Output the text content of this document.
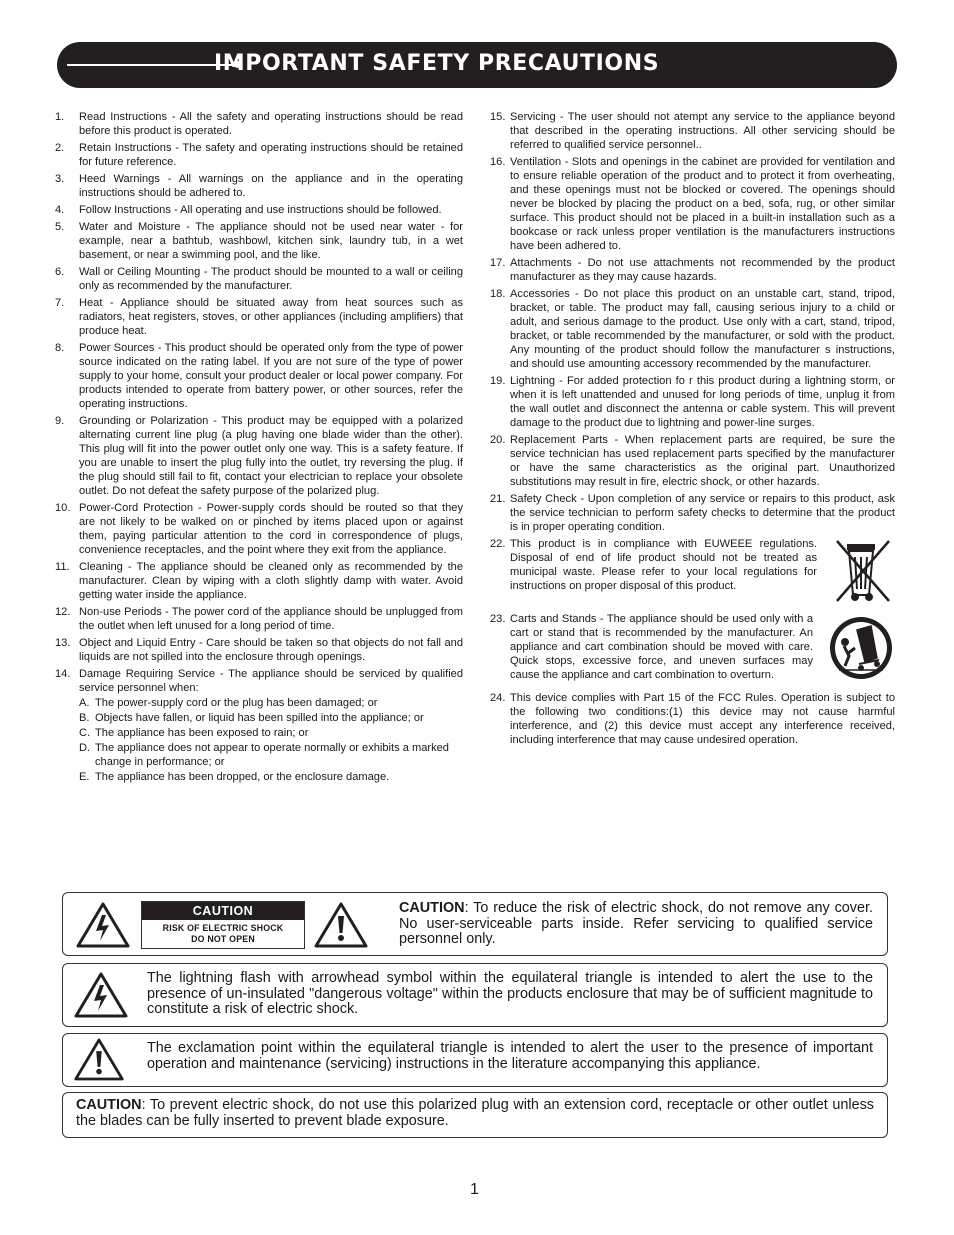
IMPORTANT SAFETY PRECAUTIONS
1.	Read Instructions - All the safety and operating instructions should be read before this product is operated.
2.	Retain Instructions - The safety and operating instructions should be retained for future reference.
3.	Heed Warnings - All warnings on the appliance and in the operating instructions should be adhered to.
4.	Follow Instructions - All operating and use instructions should be followed.
5.	Water and Moisture - The appliance should not be used near water - for example, near a bathtub, washbowl, kitchen sink, laundry tub, in a wet basement, or near a swimming pool, and the like.
6.	Wall or Ceiling Mounting - The product should be mounted to a wall or ceiling only as recommended by the manufacturer.
7.	Heat - Appliance should be situated away from heat sources such as radiators, heat registers, stoves, or other appliances (including amplifiers) that produce heat.
8.	Power Sources - This product should be operated only from the type of power source indicated on the rating label. If you are not sure of the type of power supply to your home, consult your product dealer or local power company. For products intended to operate from battery power, or other sources, refer the operating instructions.
9.	Grounding or Polarization - This product may be equipped with a polarized alternating current line plug (a plug having one blade wider than the other). This plug will fit into the power outlet only one way. This is a safety feature. If you are unable to insert the plug fully into the outlet, try reversing the plug. If the plug should still fail to fit, contact your electrician to replace your obsolete outlet. Do not defeat the safety purpose of the polarized plug.
10. Power-Cord Protection - Power-supply cords should be routed so that they are not likely to be walked on or pinched by items placed upon or against them, paying particular attention to the cord in correspondence of plugs, convenience receptacles, and the point where they exit from the appliance.
11. Cleaning - The appliance should be cleaned only as recommended by the manufacturer. Clean by wiping with a cloth slightly damp with water. Avoid getting water inside the appliance.
12. Non-use Periods - The power cord of the appliance should be unplugged from the outlet when left unused for a long period of time.
13. Object and Liquid Entry - Care should be taken so that objects do not fall and liquids are not spilled into the enclosure through openings.
14. Damage Requiring Service - The appliance should be serviced by qualified service personnel when:
A. The power-supply cord or the plug has been damaged; or
B. Objects have fallen, or liquid has been spilled into the appliance; or
C. The appliance has been exposed to rain; or
D. The appliance does not appear to operate normally or exhibits a marked change in performance; or
E. The appliance has been dropped, or the enclosure damage.
15. Servicing - The user should not atempt any service to the appliance beyond that described in the operating instructions. All other servicing should be referred to qualified service personnel..
16. Ventilation - Slots and openings in the cabinet are provided for ventilation and to ensure reliable operation of the product and to protect it from overheating, and these openings must not be blocked or covered. The openings should never be blocked by placing the product on a bed, sofa, rug, or other similar surface. This product should not be placed in a built-in installation such as a bookcase or rack unless proper ventilation is the manufacturers instructions have been adhered to.
17. Attachments - Do not use attachments not recommended by the product manufacturer as they may cause hazards.
18. Accessories - Do not place this product on an unstable cart, stand, tripod, bracket, or table. The product may fall, causing serious injury to a child or adult, and serious damage to the product. Use only with a cart, stand, tripod, bracket, or table recommended by the manufacturer, or sold with the product. Any mounting of the product should follow the manufacturer s instructions, and should use amounting accessory recommended by the manufacturer.
19. Lightning - For added protection fo r this product during a lightning storm, or when it is left unattended and unused for long periods of time, unplug it from the wall outlet and disconnect the antenna or cable system. This will prevent damage to the product due to lightning and power-line surges.
20. Replacement Parts - When replacement parts are required, be sure the service technician has used replacement parts specified by the manufacturer or have the same characteristics as the original part. Unauthorized substitutions may result in fire, electric shock, or other hazards.
21. Safety Check - Upon completion of any service or repairs to this product, ask the service technician to perform safety checks to determine that the product is in proper operating condition.
22. This product is in compliance with EUWEEE regulations. Disposal of end of life product should not be treated as municipal waste. Please refer to your local regulations for instructions on proper disposal of this product.
23. Carts and Stands - The appliance should be used only with a cart or stand that is recommended by the manufacturer. An appliance and cart combination should be moved with care. Quick stops, excessive force, and uneven surfaces may cause the appliance and cart combination to overturn.
24. This device complies with Part 15 of the FCC Rules. Operation is subject to the following two conditions:(1) this device may not cause harmful interference, and (2) this device must accept any interference received, including interference that may cause undesired operation.
CAUTION
RISK OF ELECTRIC SHOCK
DO NOT OPEN
CAUTION: To reduce the risk of electric shock, do not remove any cover. No user-serviceable parts inside. Refer servicing to qualified service personnel only.
The lightning flash with arrowhead symbol within the equilateral triangle is intended to alert the use to the presence of un-insulated "dangerous voltage" within the products enclosure that may be of sufficient magnitude to constitute a risk of electric shock.
The exclamation point within the equilateral triangle is intended to alert the user to the presence of important operation and maintenance (servicing) instructions in the literature accompanying this appliance.
CAUTION: To prevent electric shock, do not use this polarized plug with an extension cord, receptacle or other outlet unless the blades can be fully inserted to prevent blade exposure.
1
